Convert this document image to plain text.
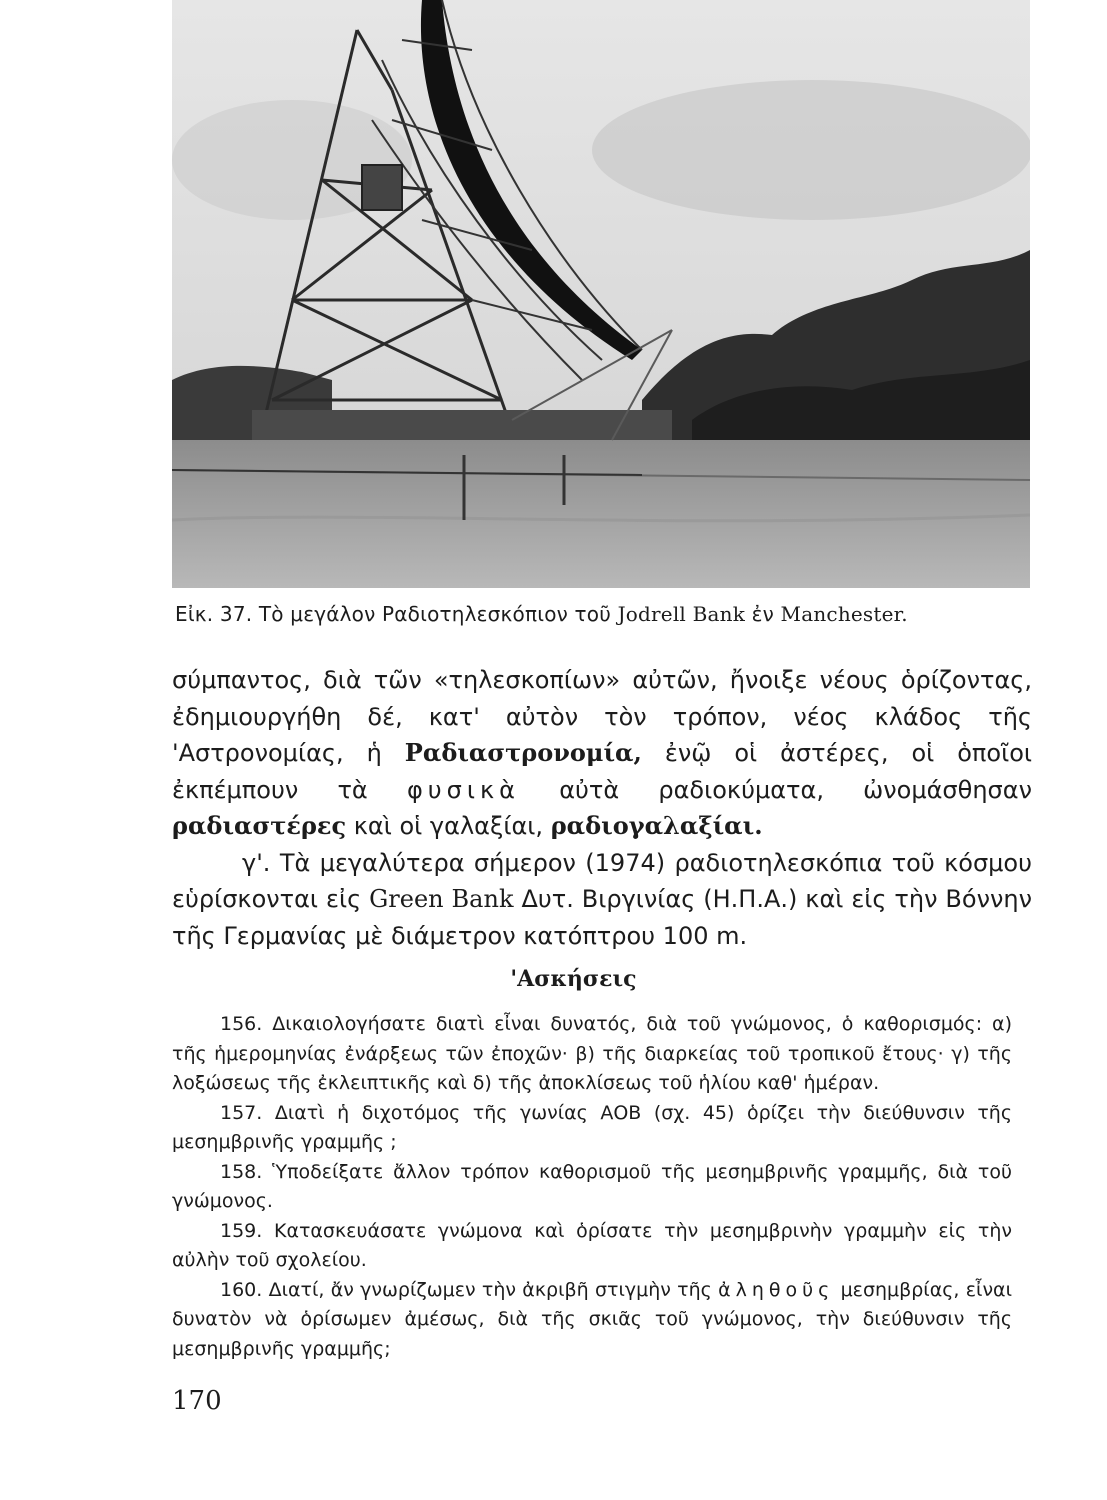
Εἰκ. 37. Τὸ μεγάλον Ραδιοτηλεσκόπιον τοῦ Jodrell Bank ἐν Manchester.

σύμπαντος, διὰ τῶν «τηλεσκοπίων» αὐτῶν, ἤνοιξε νέους ὁρίζοντας, ἐδημιουργήθη δέ, κατ' αὐτὸν τὸν τρόπον, νέος κλάδος τῆς 'Αστρονομίας, ἡ Ραδιαστρονομία, ἐνῷ οἱ ἀστέρες, οἱ ὁποῖοι ἐκπέμπουν τὰ φυσικὰ αὐτὰ ραδιοκύματα, ὠνομάσθησαν ραδιαστέρες καὶ οἱ γαλαξίαι, ραδιογαλαξίαι.

γ'. Τὰ μεγαλύτερα σήμερον (1974) ραδιοτηλεσκόπια τοῦ κόσμου εὑρίσκονται εἰς Green Bank Δυτ. Βιργινίας (Η.Π.Α.) καὶ εἰς τὴν Βόννην τῆς Γερμανίας μὲ διάμετρον κατόπτρου 100 m.

'Ασκήσεις

156. Δικαιολογήσατε διατὶ εἶναι δυνατός, διὰ τοῦ γνώμονος, ὁ καθορισμός: α) τῆς ἡμερομηνίας ἐνάρξεως τῶν ἐποχῶν· β) τῆς διαρκείας τοῦ τροπικοῦ ἔτους· γ) τῆς λοξώσεως τῆς ἐκλειπτικῆς καὶ δ) τῆς ἀποκλίσεως τοῦ ἡλίου καθ' ἡμέραν.

157. Διατὶ ἡ διχοτόμος τῆς γωνίας ΑΟΒ (σχ. 45) ὁρίζει τὴν διεύθυνσιν τῆς μεσημβρινῆς γραμμῆς ;

158. Ὑποδείξατε ἄλλον τρόπον καθορισμοῦ τῆς μεσημβρινῆς γραμμῆς, διὰ τοῦ γνώμονος.

159. Κατασκευάσατε γνώμονα καὶ ὁρίσατε τὴν μεσημβρινὴν γραμμὴν εἰς τὴν αὐλὴν τοῦ σχολείου.

160. Διατί, ἄν γνωρίζωμεν τὴν ἀκριβῆ στιγμὴν τῆς ἀληθοῦς μεσημβρίας, εἶναι δυνατὸν νὰ ὁρίσωμεν ἀμέσως, διὰ τῆς σκιᾶς τοῦ γνώμονος, τὴν διεύθυνσιν τῆς μεσημβρινῆς γραμμῆς;

170
